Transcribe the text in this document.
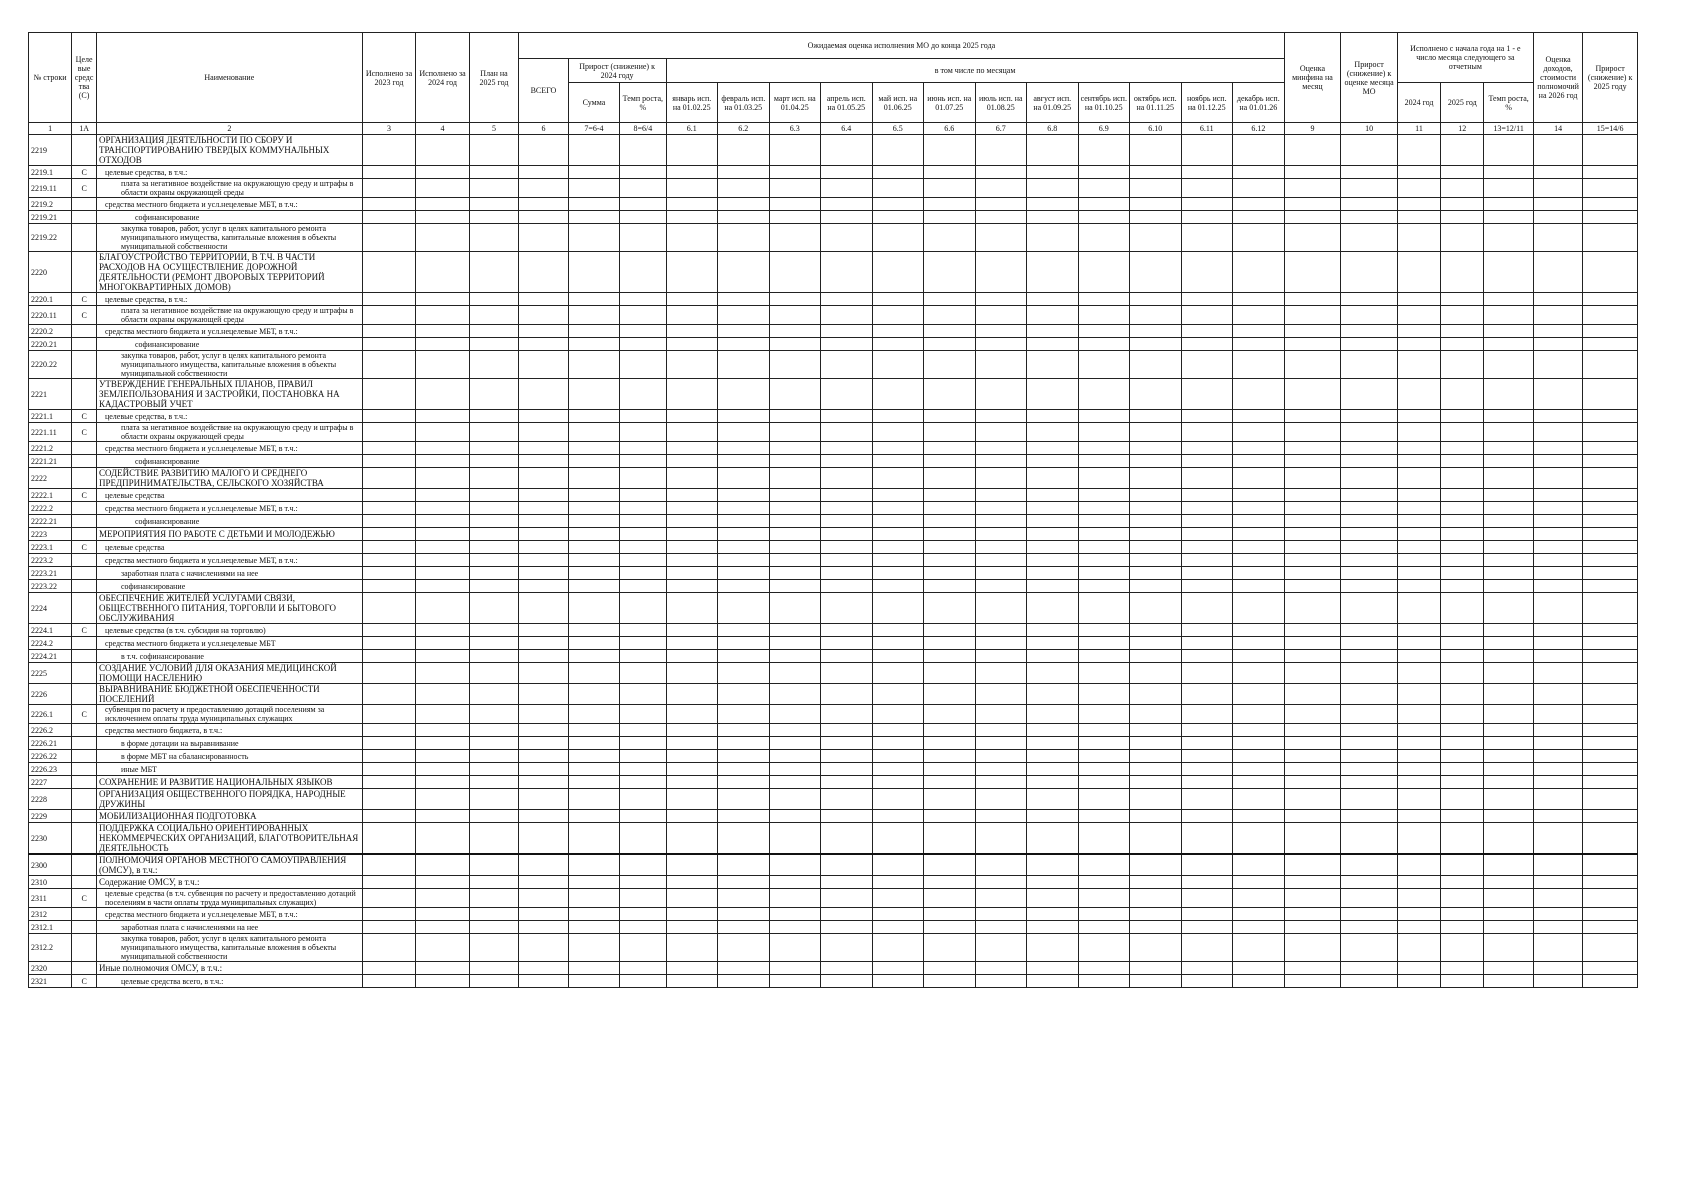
№ строки	Целе вые средс тва (С)	Наименование	Исполнено за 2023 год	Исполнено за 2024 год	План на 2025 год	Ожидаемая оценка исполнения МО до конца 2025 года															Оценка минфина на месяц	Прирост (снижение) к оценке месяца МО	Исполнено с начала года на 1 - е число месяца следующего за отчетным			Оценка доходов, стоимости полномочий на 2026 год	Прирост (снижение) к 2025 году
						ВСЕГО	Прирост (снижение) к 2024 году		в том числе по месяцам																		
							Сумма	Темп роста, %	январь исп. на 01.02.25	февраль исп. на 01.03.25	март исп. на 01.04.25	апрель исп. на 01.05.25	май исп. на 01.06.25	июнь исп. на 01.07.25	июль исп. на 01.08.25	август исп. на 01.09.25	сентябрь исп. на 01.10.25	октябрь исп. на 01.11.25	ноябрь исп. на 01.12.25	декабрь исп. на 01.01.26			2024 год	2025 год	Темп роста, %		
1	1А	2	3	4	5	6	7=6-4	8=6/4	6.1	6.2	6.3	6.4	6.5	6.6	6.7	6.8	6.9	6.10	6.11	6.12	9	10	11	12	13=12/11	14	15=14/6
2219		ОРГАНИЗАЦИЯ ДЕЯТЕЛЬНОСТИ ПО СБОРУ И ТРАНСПОРТИРОВАНИЮ ТВЕРДЫХ КОММУНАЛЬНЫХ ОТХОДОВ																									

2219.1	С	целевые средства, в т.ч.:																									

2219.11	С	плата за негативное воздействие на окружающую среду и штрафы в области охраны окружающей среды																									

2219.2		средства местного бюджета и усл.нецелевые МБТ, в т.ч.:																									

2219.21		софинансирование																									

2219.22		закупка товаров, работ, услуг в целях капитального ремонта муниципального имущества, капитальные вложения в объекты муниципальной собственности																									

2220		БЛАГОУСТРОЙСТВО ТЕРРИТОРИИ, В Т.Ч. В ЧАСТИ РАСХОДОВ НА ОСУЩЕСТВЛЕНИЕ ДОРОЖНОЙ ДЕЯТЕЛЬНОСТИ (РЕМОНТ ДВОРОВЫХ ТЕРРИТОРИЙ МНОГОКВАРТИРНЫХ ДОМОВ)																									

2220.1	С	целевые средства, в т.ч.:																									

2220.11	С	плата за негативное воздействие на окружающую среду и штрафы в области охраны окружающей среды																									

2220.2		средства местного бюджета и усл.нецелевые МБТ, в т.ч.:																									

2220.21		софинансирование																									

2220.22		закупка товаров, работ, услуг в целях капитального ремонта муниципального имущества, капитальные вложения в объекты муниципальной собственности																									

2221		УТВЕРЖДЕНИЕ ГЕНЕРАЛЬНЫХ ПЛАНОВ, ПРАВИЛ ЗЕМЛЕПОЛЬЗОВАНИЯ И ЗАСТРОЙКИ, ПОСТАНОВКА НА КАДАСТРОВЫЙ УЧЕТ																									

2221.1	С	целевые средства, в т.ч.:																									

2221.11	С	плата за негативное воздействие на окружающую среду и штрафы в области охраны окружающей среды																									

2221.2		средства местного бюджета и усл.нецелевые МБТ, в т.ч.:																									

2221.21		софинансирование																									

2222		СОДЕЙСТВИЕ РАЗВИТИЮ МАЛОГО И СРЕДНЕГО ПРЕДПРИНИМАТЕЛЬСТВА, СЕЛЬСКОГО ХОЗЯЙСТВА																									

2222.1	С	целевые средства																									

2222.2		средства местного бюджета и усл.нецелевые МБТ, в т.ч.:																									

2222.21		софинансирование																									

2223		МЕРОПРИЯТИЯ ПО РАБОТЕ С ДЕТЬМИ И МОЛОДЕЖЬЮ																									

2223.1	С	целевые средства																									

2223.2		средства местного бюджета и усл.нецелевые МБТ, в т.ч.:																									

2223.21		заработная плата с начислениями на нее																									

2223.22		софинансирование																									

2224		ОБЕСПЕЧЕНИЕ ЖИТЕЛЕЙ УСЛУГАМИ СВЯЗИ, ОБЩЕСТВЕННОГО ПИТАНИЯ, ТОРГОВЛИ И БЫТОВОГО ОБСЛУЖИВАНИЯ																									

2224.1	С	целевые средства (в т.ч. субсидия на торговлю)																									

2224.2		средства местного бюджета и усл.нецелевые МБТ																									

2224.21		в т.ч. софинансирование																									

2225		СОЗДАНИЕ УСЛОВИЙ ДЛЯ ОКАЗАНИЯ МЕДИЦИНСКОЙ ПОМОЩИ НАСЕЛЕНИЮ																									

2226		ВЫРАВНИВАНИЕ БЮДЖЕТНОЙ ОБЕСПЕЧЕННОСТИ ПОСЕЛЕНИЙ																									

2226.1	С	субвенция по расчету и предоставлению дотаций поселениям за исключением оплаты труда муниципальных служащих																									

2226.2		средства местного бюджета, в т.ч.:																									

2226.21		в форме дотации на выравнивание																									

2226.22		в форме МБТ на сбалансированность																									

2226.23		иные МБТ																									

2227		СОХРАНЕНИЕ И РАЗВИТИЕ НАЦИОНАЛЬНЫХ ЯЗЫКОВ																									

2228		ОРГАНИЗАЦИЯ ОБЩЕСТВЕННОГО ПОРЯДКА, НАРОДНЫЕ ДРУЖИНЫ																									

2229		МОБИЛИЗАЦИОННАЯ ПОДГОТОВКА																									

2230		ПОДДЕРЖКА СОЦИАЛЬНО ОРИЕНТИРОВАННЫХ НЕКОММЕРЧЕСКИХ ОРГАНИЗАЦИЙ, БЛАГОТВОРИТЕЛЬНАЯ ДЕЯТЕЛЬНОСТЬ																									

2300		ПОЛНОМОЧИЯ ОРГАНОВ МЕСТНОГО САМОУПРАВЛЕНИЯ (ОМСУ), в т.ч.:																									

2310		Содержание ОМСУ, в т.ч.:																									

2311	С	целевые средства (в т.ч. субвенция по расчету и предоставлению дотаций поселениям в части оплаты труда муниципальных служащих)																									

2312		средства местного бюджета и усл.нецелевые МБТ, в т.ч.:																									

2312.1		заработная плата с начислениями на нее																									

2312.2		закупка товаров, работ, услуг в целях капитального ремонта муниципального имущества, капитальные вложения в объекты муниципальной собственности																									

2320		Иные полномочия ОМСУ, в т.ч.:																									

2321	С	целевые средства всего, в т.ч.:																									
